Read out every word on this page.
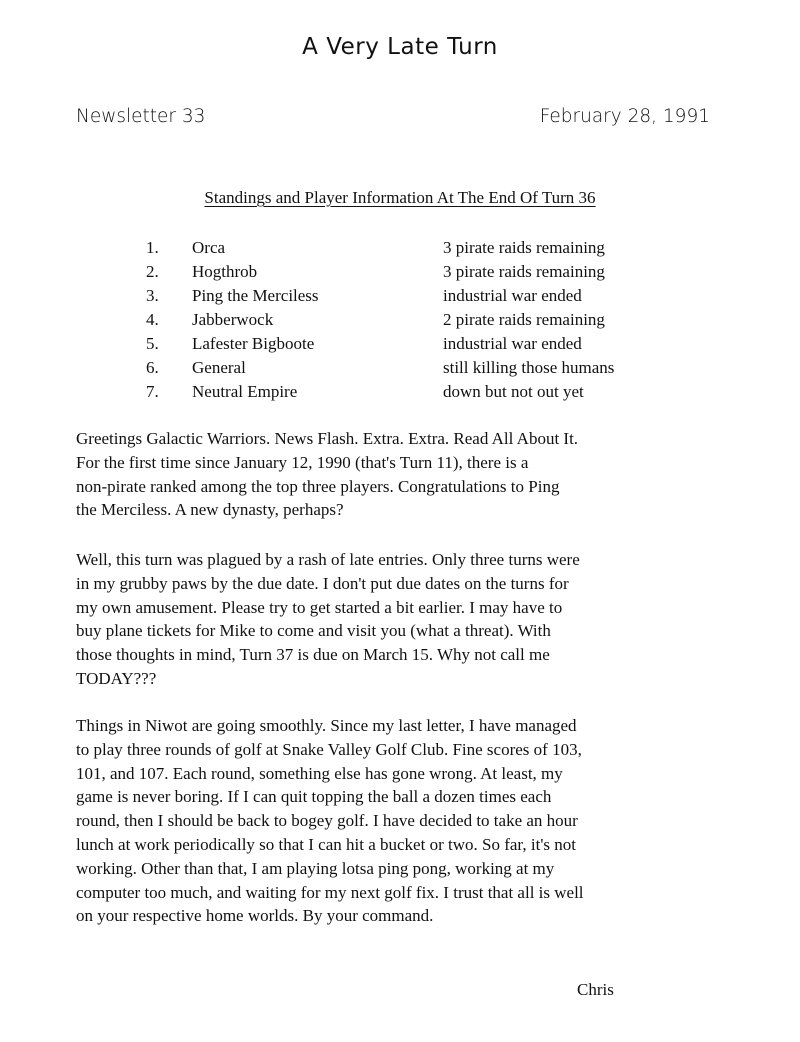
A Very Late Turn
Newsletter 33	February 28, 1991
Standings and Player Information At The End Of Turn 36
1. Orca	3 pirate raids remaining
2. Hogthrob	3 pirate raids remaining
3. Ping the Merciless	industrial war ended
4. Jabberwock	2 pirate raids remaining
5. Lafester Bigboote	industrial war ended
6. General	still killing those humans
7. Neutral Empire	down but not out yet
Greetings Galactic Warriors. News Flash. Extra. Extra. Read All About It.
For the first time since January 12, 1990 (that's Turn 11), there is a
non-pirate ranked among the top three players. Congratulations to Ping
the Merciless. A new dynasty, perhaps?
Well, this turn was plagued by a rash of late entries. Only three turns were
in my grubby paws by the due date. I don't put due dates on the turns for
my own amusement. Please try to get started a bit earlier. I may have to
buy plane tickets for Mike to come and visit you (what a threat). With
those thoughts in mind, Turn 37 is due on March 15. Why not call me
TODAY???
Things in Niwot are going smoothly. Since my last letter, I have managed
to play three rounds of golf at Snake Valley Golf Club. Fine scores of 103,
101, and 107. Each round, something else has gone wrong. At least, my
game is never boring. If I can quit topping the ball a dozen times each
round, then I should be back to bogey golf. I have decided to take an hour
lunch at work periodically so that I can hit a bucket or two. So far, it's not
working. Other than that, I am playing lotsa ping pong, working at my
computer too much, and waiting for my next golf fix. I trust that all is well
on your respective home worlds. By your command.
Chris
